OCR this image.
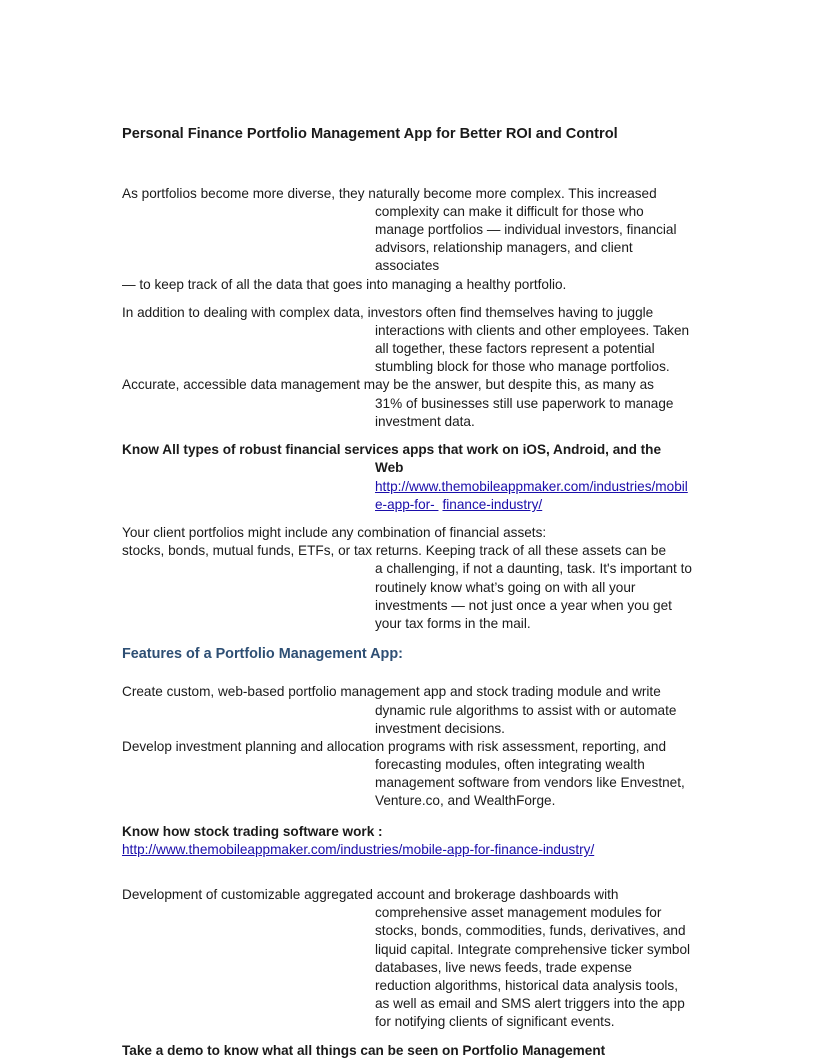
Personal Finance Portfolio Management App for Better ROI and Control
As portfolios become more diverse, they naturally become more complex. This increased
complexity can make it difficult for those who
manage portfolios — individual investors, financial
advisors, relationship managers, and client
associates
— to keep track of all the data that goes into managing a healthy portfolio.
In addition to dealing with complex data, investors often find themselves having to juggle
interactions with clients and other employees. Taken
all together, these factors represent a potential
stumbling block for those who manage portfolios.
Accurate, accessible data management may be the answer, but despite this, as many as
31% of businesses still use paperwork to manage
investment data.
Know All types of robust financial services apps that work on iOS, Android, and the
Web
http://www.themobileappmaker.com/industries/mobil
e-app-for- finance-industry/
Your client portfolios might include any combination of financial assets:
stocks, bonds, mutual funds, ETFs, or tax returns. Keeping track of all these assets can be
a challenging, if not a daunting, task. It's important to
routinely know what’s going on with all your
investments — not just once a year when you get
your tax forms in the mail.
Features of a Portfolio Management App:
Create custom, web-based portfolio management app and stock trading module and write
dynamic rule algorithms to assist with or automate
investment decisions.
Develop investment planning and allocation programs with risk assessment, reporting, and
forecasting modules, often integrating wealth
management software from vendors like Envestnet,
Venture.co, and WealthForge.
Know how stock trading software work :
http://www.themobileappmaker.com/industries/mobile-app-for-finance-industry/
Development of customizable aggregated account and brokerage dashboards with
comprehensive asset management modules for
stocks, bonds, commodities, funds, derivatives, and
liquid capital. Integrate comprehensive ticker symbol
databases, live news feeds, trade expense
reduction algorithms, historical data analysis tools,
as well as email and SMS alert triggers into the app
for notifying clients of significant events.
Take a demo to know what all things can be seen on Portfolio Management
